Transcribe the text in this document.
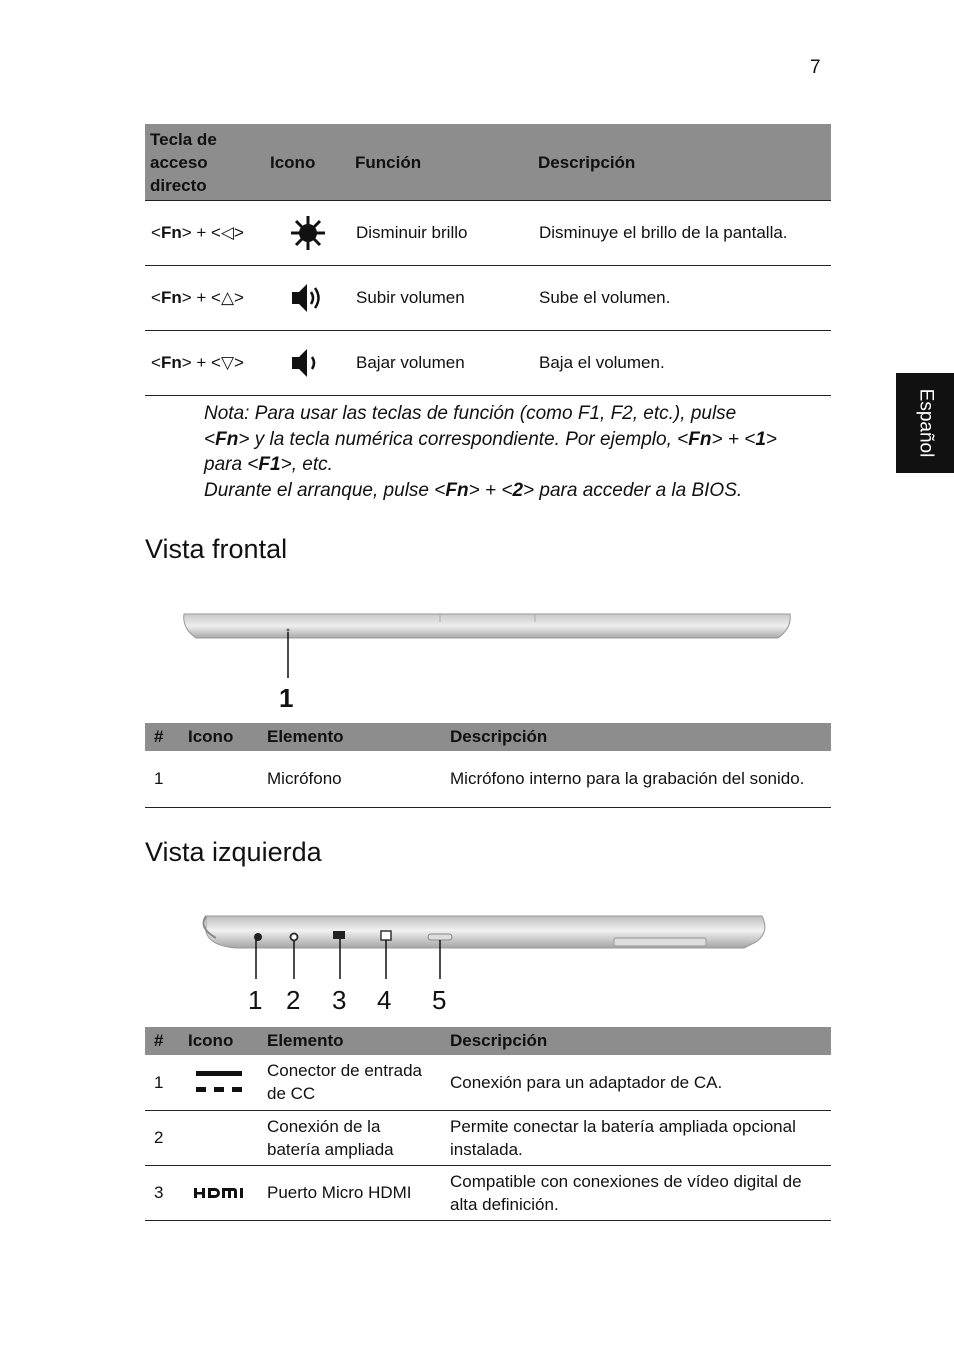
7
Español
Tecla de acceso directo	Icono	Función	Descripción
<Fn> + <◁>		Disminuir brillo	Disminuye el brillo de la pantalla.
<Fn> + <△>		Subir volumen	Sube el volumen.
<Fn> + <▽>		Bajar volumen	Baja el volumen.
Nota: Para usar las teclas de función (como F1, F2, etc.), pulse
<Fn> y la tecla numérica correspondiente. Por ejemplo, <Fn> + <1>
para <F1>, etc.
Durante el arranque, pulse <Fn> + <2> para acceder a la BIOS.
Vista frontal
1
#	Icono	Elemento	Descripción
1		Micrófono	Micrófono interno para la grabación del sonido.
Vista izquierda
1 2 3 4 5
#	Icono	Elemento	Descripción
1		Conector de entrada de CC	Conexión para un adaptador de CA.
2		Conexión de la batería ampliada	Permite conectar la batería ampliada opcional instalada.
3		Puerto Micro HDMI	Compatible con conexiones de vídeo digital de alta definición.
